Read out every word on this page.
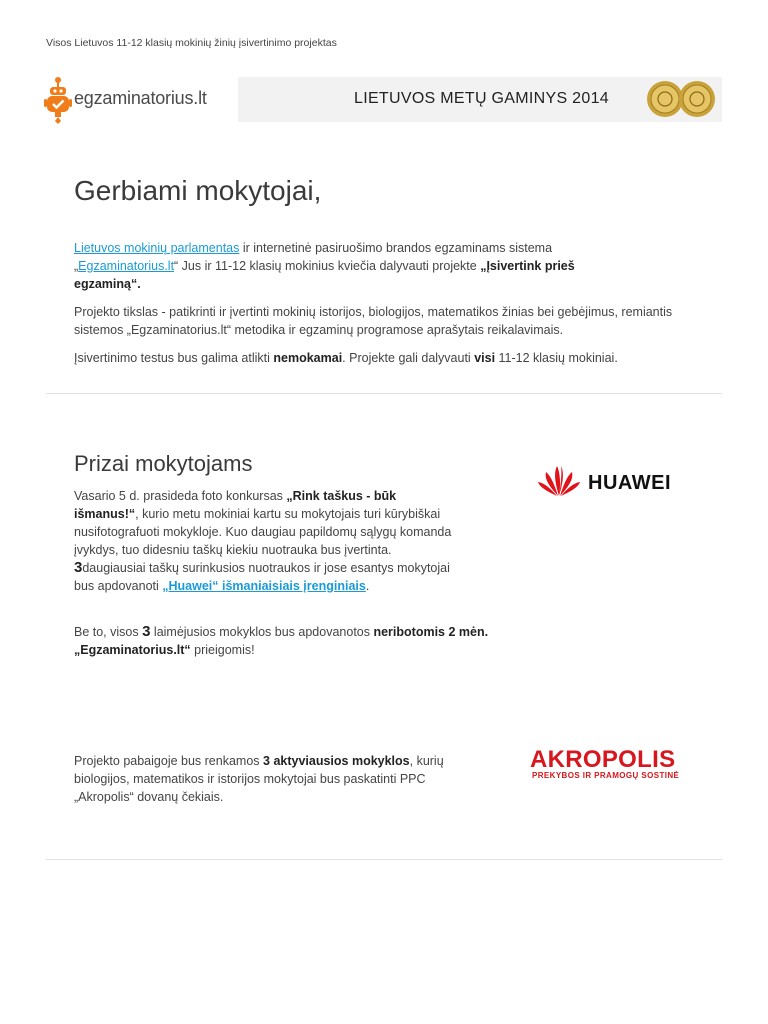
Visos Lietuvos 11-12 klasių mokinių žinių įsivertinimo projektas
egzaminatorius.lt	LIETUVOS METŲ GAMINYS 2014
Gerbiami mokytojai,
Lietuvos mokinių parlamentas ir internetinė pasiruošimo brandos egzaminams sistema
„Egzaminatorius.lt“ Jus ir 11-12 klasių mokinius kviečia dalyvauti projekte „Įsivertink prieš egzaminą“.
Projekto tikslas - patikrinti ir įvertinti mokinių istorijos, biologijos, matematikos žinias bei gebėjimus, remiantis sistemos „Egzaminatorius.lt“ metodika ir egzaminų programose aprašytais reikalavimais.
Įsivertinimo testus bus galima atlikti nemokamai. Projekte gali dalyvauti visi 11-12 klasių mokiniai.
Prizai mokytojams
Vasario 5 d. prasideda foto konkursas „Rink taškus - būk išmanus!“, kurio metu mokiniai kartu su mokytojais turi kūrybiškai nusifotografuoti mokykloje. Kuo daugiau papildomų sąlygų komanda įvykdys, tuo didesniu taškų kiekiu nuotrauka bus įvertinta. 3daugiausiai taškų surinkusios nuotraukos ir jose esantys mokytojai bus apdovanoti „Huawei“ išmaniaisiais įrenginiais.
Be to, visos 3 laimėjusios mokyklos bus apdovanotos neribotomis 2 mėn. „Egzaminatorius.lt“ prieigomis!
Projekto pabaigoje bus renkamos 3 aktyviausios mokyklos, kurių biologijos, matematikos ir istorijos mokytojai bus paskatinti PPC „Akropolis“ dovanų čekiais.
HUAWEI
AKROPOLIS
PREKYBOS IR PRAMOGŲ SOSTINĖ
